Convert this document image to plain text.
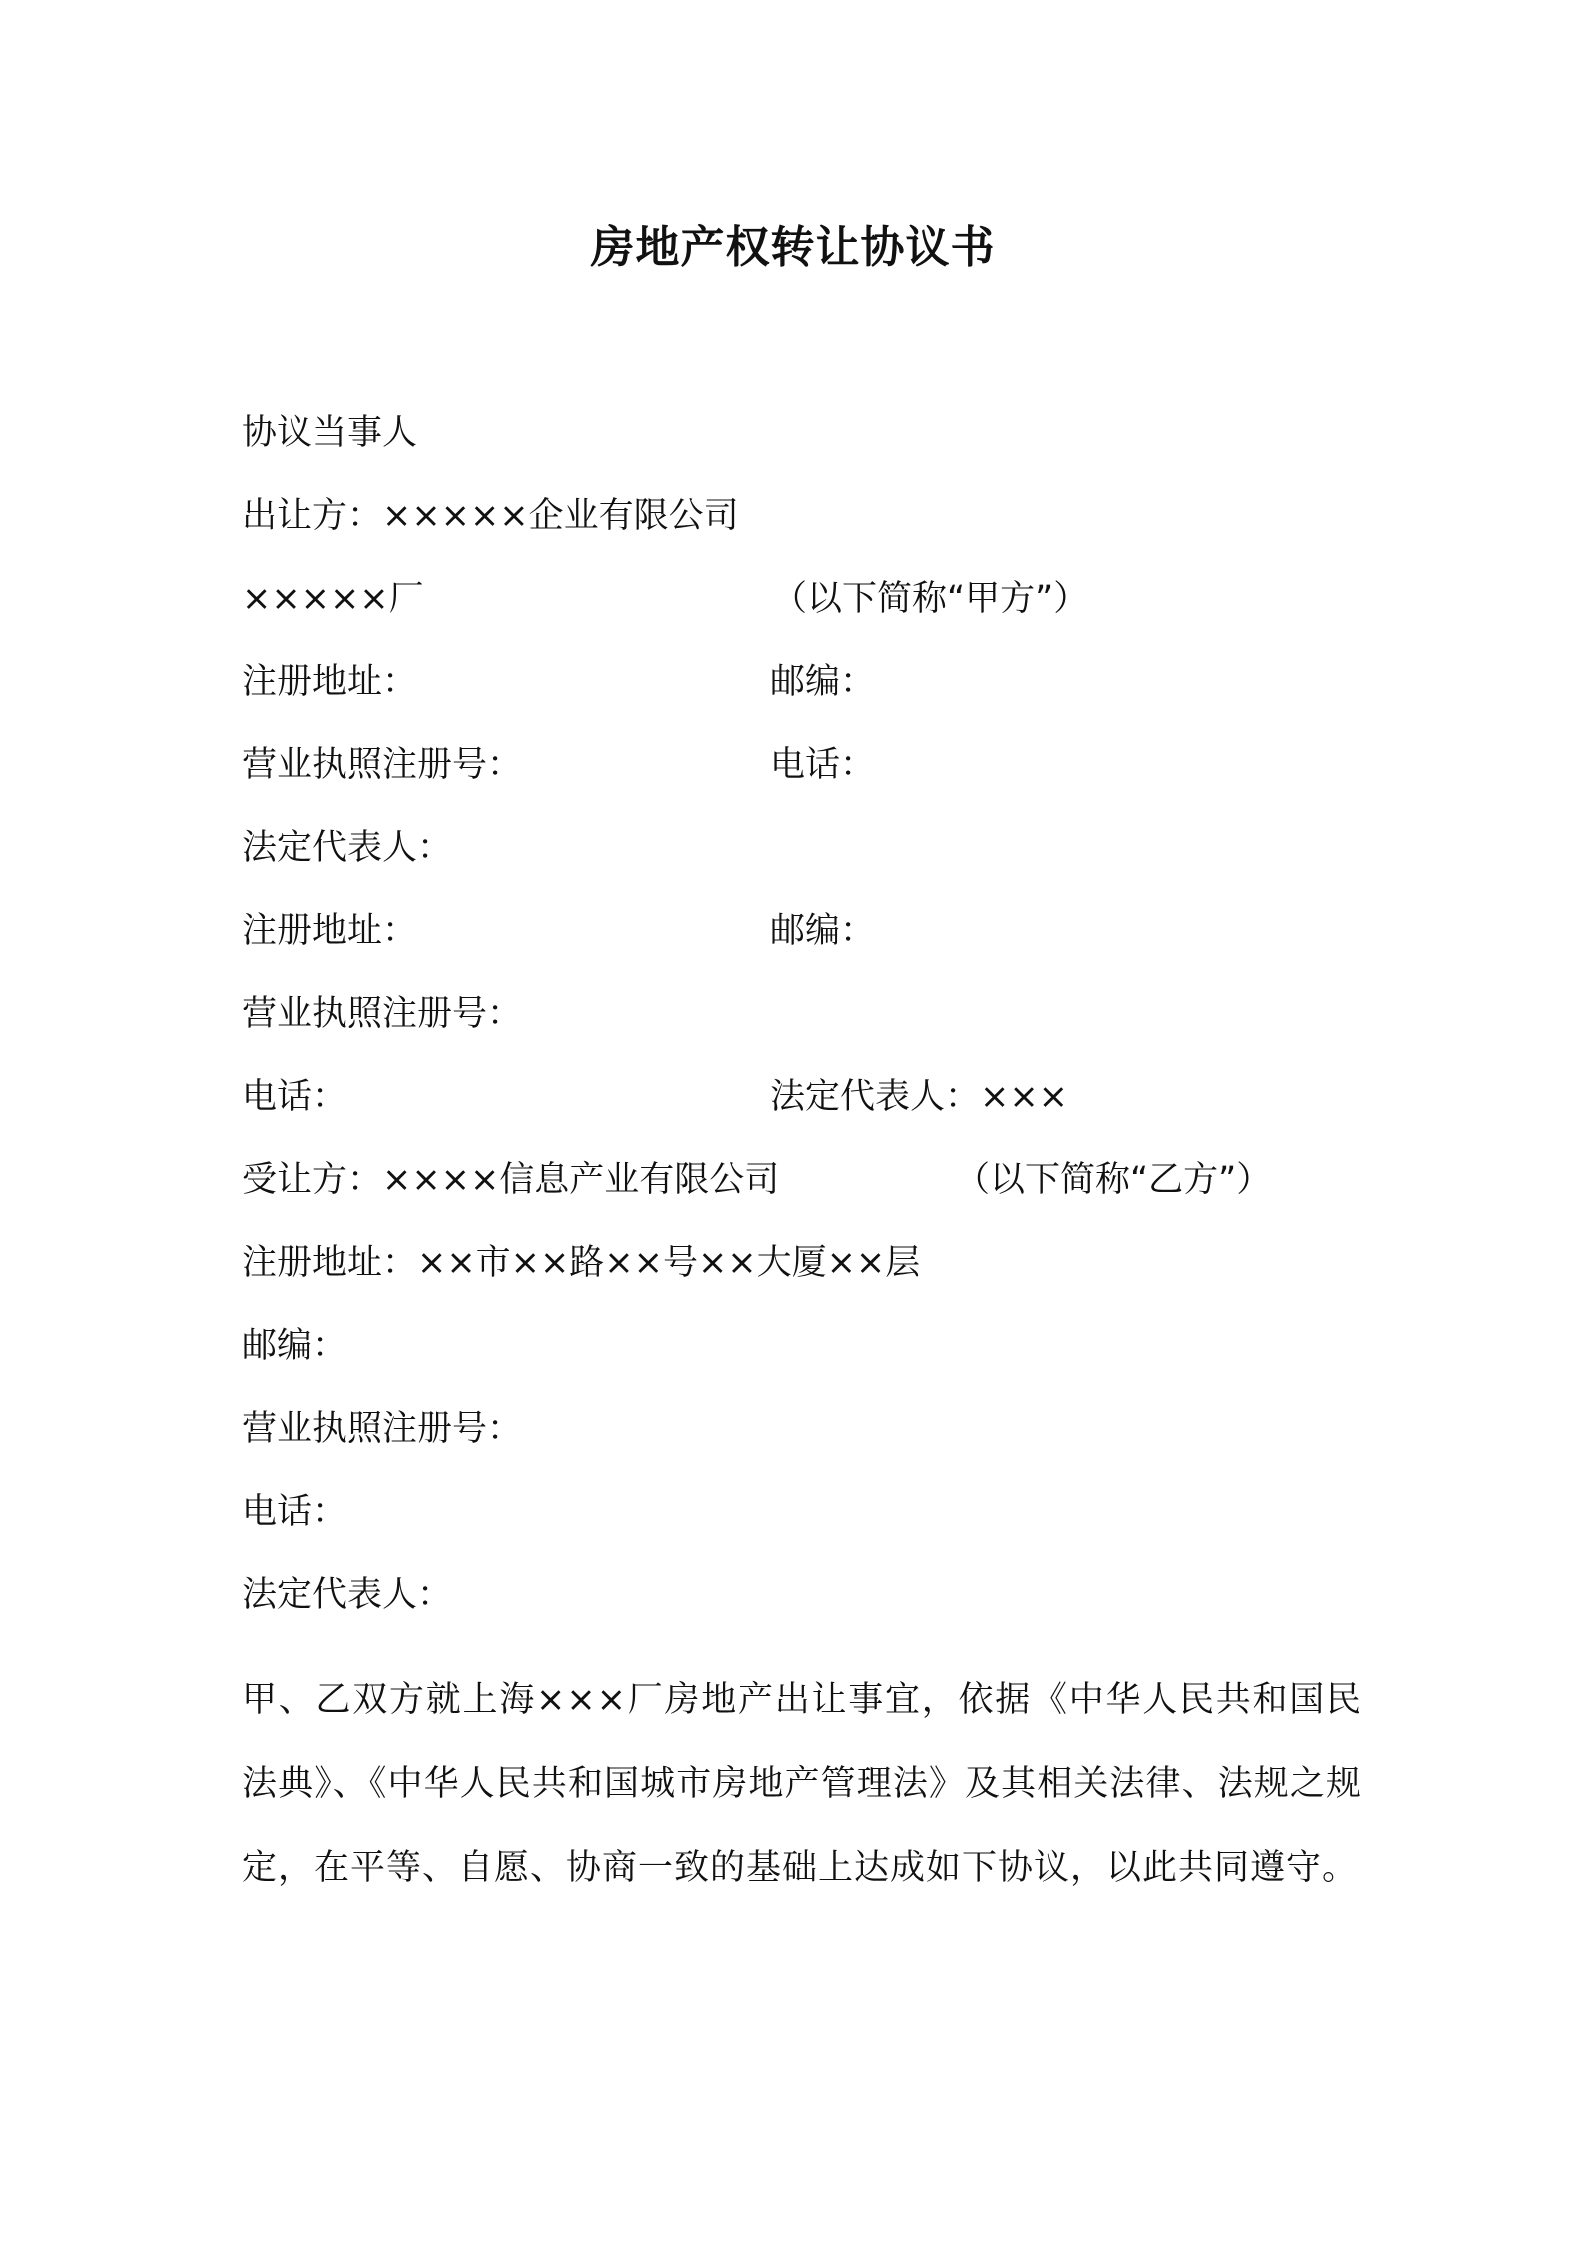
房地产权转让协议书
协议当事人
出让方：×××××企业有限公司
×××××厂	（以下简称“甲方”）
注册地址：	邮编：
营业执照注册号：	电话：
法定代表人：
注册地址：	邮编：
营业执照注册号：
电话：	法定代表人：×××
受让方：××××信息产业有限公司	（以下简称“乙方”）
注册地址：××市××路××号××大厦××层
邮编：
营业执照注册号：
电话：
法定代表人：
甲、乙双方就上海×××厂房地产出让事宜，依据《中华人民共和国民法典》、《中华人民共和国城市房地产管理法》及其相关法律、法规之规定，在平等、自愿、协商一致的基础上达成如下协议，以此共同遵守。
